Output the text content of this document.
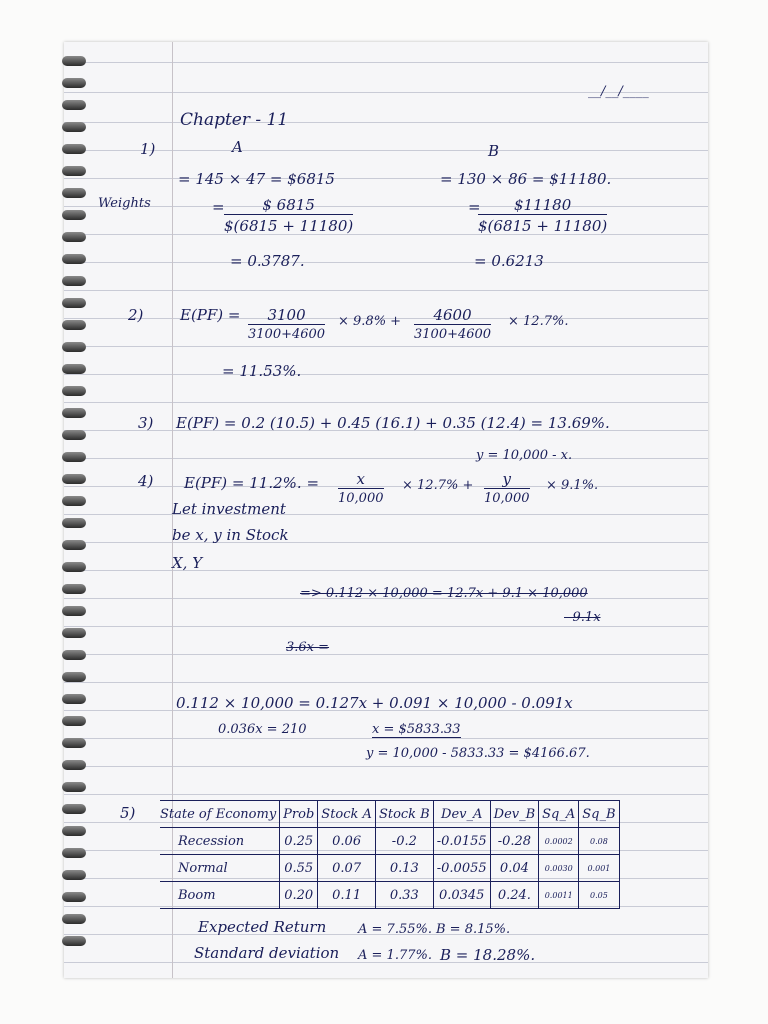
__/__/____
Chapter - 11
1)	A	B
= 145 × 47 = $6815	= 130 × 86 = $11180.
Weights	= $\frac{\$ 6815}{\$(6815 + 11180)}$	=
$\frac{\$11180}{\$(6815 + 11180)}$
= 0.3787.	= 0.6213
2) $E(PF) = \frac{3100}{3100+4600} \times 9.8\% + \frac{4600}{3100+4600} \times 12.7\%$.
= 11.53%.
3) E(PF) = 0.2 (10.5) + 0.45 (16.1) + 0.35 (12.4) = 13.69%.
y = 10,000 - x.
4) E(PF) = 11.2%. = $\frac{x}{10,000} \times 12.7\% + \frac{y}{10,000} \times 9.1\%$.
Let investment
be x, y in Stock
X, Y
=> 0.112 × 10,000 = 12.7x + 9.1 × 10,000
- 9.1x
3.6x =
0.112 × 10,000 = 0.127x + 0.091 × 10,000 - 0.091x
0.036x = 210	x = $5833.33
y = 10,000 - 5833.33 = $4166.67.
5) State of Economy	Prob	Stock A	Stock B	Dev_A	Dev_B	Sq_A	Sq_B
Recession	0.25	0.06	-0.2	-0.0155	-0.28	0.0002	0.08
Normal	0.55	0.07	0.13	-0.0055	0.04	0.0030	0.001
Boom	0.20	0.11	0.33	0.0345	0.24.	0.0011	0.05
Expected Return A = 7.55%. B = 8.15%.
Standard deviation A = 1.77%. B = 18.28%.
